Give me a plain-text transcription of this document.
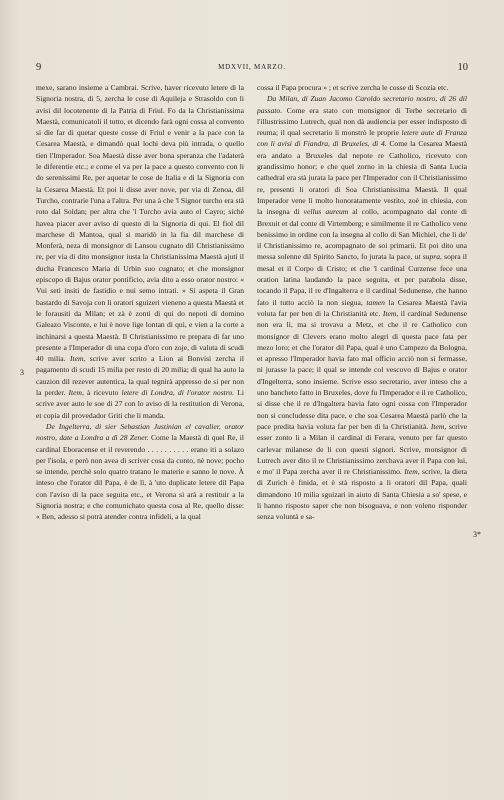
9	MDXVII, MARZO.	10

mexe, sarano insieme a Cambrai. Scrive, haver ricevuto letere di la Signoria nostra, di 5, zercha le cose di Aquileja e Strasoldo con li avisi dil locotenente di la Patria di Friul. Fo da la Christianissima Maestà, comunicatoli il tutto, et dicendo farà ogni cossa al convento si die far di quetar queste cosse di Friul e venir a la pace con la Cesarea Maestà, e dimandò qual lochi deva più intrada, o quello tien l'Imperador. Soa Maestà disse aver bona speranza che l'adaterà le diferentie etc.; e come el va per la pace a questo convento con li do serenissimi Re, per aquetar le cose de Italia e di la Signoria con la Cesarea Maestà. Et poi li disse aver nove, per via di Zenoa, dil Turcho, contrarie l'una a l'altra. Per una à che 'l Signor turcho era stà roto dal Soldan; per altra che 'l Turcho avia auto el Cayro; sichè havea piacer aver aviso di questo di la Signoria di qui. El fiol dil marchese di Mantoa, qual si maridò in la fia dil marchese di Monferà, neza di monsignor di Lansou cugnato dil Christianissimo re, per via di dito monsignor iusta la Christianissima Maestà ajuti il ducha Francesco Maria di Urbin suo cugnato; et che monsignor episcopo di Bajus orator pontificio, avia dito a esso orator nostro: « Vui seti insiti de fastidio e nui semo intrati. » Si aspeta il Gran bastardo di Savoja con li oratori sguizeri vieneno a questa Maestà et le forausiti da Milan; et zà è zonti di qui do nepoti di domino Galeazo Visconte, e lui è nove lige lontan di qui, e vien a la corte a inchinarsi a questa Maestà. Il Christianissimo re prepara di far uno presente a l'Imperador di una copa d'oro con zoje, di valuta di scudi 40 milia. Item, scrive aver scrito a Lion ai Bonvisi zercha il pagamento di scudi 15 milia per resto di 20 milia; di qual ha auto la cauzion dil rezever autentica, la qual tegnirà appresso de si per non la perder. Item, à ricevuto letere di Londra, di l'orator nostro. Li scrive aver auto le soe di 27 con lo aviso di la restitution di Verona, et copia dil provedador Griti che li manda.

De Ingelterra, di sier Sebastian Justinian el cavalier, orator nostro, date a Londra a dì 28 Zener. Come la Maestà di quel Re, il cardinal Eboracense et il reverendo . . . . . . . . . . erano iti a solazo per l'isola, e però non avea di scriver cosa da conto, nè nove; pocho se intende, perchè solo quatro tratano le materie e sanno le nove. À inteso che l'orator dil Papa, è de lì, à 'uto duplicate letere dil Papa con l'aviso di la pace seguita etc., et Verona si arà a restituir a la Signoria nostra; e che comunichato questa cosa al Re, quello disse: « Ben, adesso si potrà atender contra infideli, a la qual

3

cossa il Papa procura » ; et scrive zercha le cosse di Scozia etc.

Da Milan, di Zuan Jacomo Caroldo secretario nostro, di 26 dil passato. Come era stato con monsignor di Terbe secretario di l'illustrissimo Lutrech, qual non dà audiencia per esser indisposto di reuma; il qual secretario li monstrò le proprie letere aute di Franza con li avisi di Fiandra, di Bruxeles, dì 4. Come la Cesarea Maestà era andato a Bruxeles dal nepote re Catholico, ricevuto con grandissimo honor; e che quel zorno in la chiesia di Santa Lucia cathedral era stà jurata la pace per l'Imperador con il Christianissimo re, presenti li oratori di Soa Christianissima Maestà. Il qual Imperador vene lì molto honoratamente vestito, zoè in chiesia, con la insegna di vellus aureum al collo, acompagnato dal conte di Brexuit et dal conte di Virtemberg; e similmente il re Catholico vene benissimo in ordine con la insegna al collo di San Michiel, che li de' il Christianissimo re, acompagnato de soi primarii. Et poi dito una messa solenne dil Spirito Sancto, fo jurata la pace, ut supra, sopra il mesal et il Corpo di Cristo; et che 'l cardinal Curzense fece una oration latina laudando la pace seguita, et per parabola disse, tocando il Papa, il re d'Ingalterra e il cardinal Sedunense, che hanno fato il tutto acciò la non siegua, tamen la Cesarea Maestà l'avia voluta far per ben di la Christianità etc. Item, il cardinal Sedunense non era lì, ma si trovava a Metz, et che il re Catholico con monsignor di Clevers erano molto alegri di questa pace fata per mezo loro; et che l'orator dil Papa, qual è uno Campezo da Bologna, et apresso l'Imperador havia fato mal officio acciò non si fermasse, nì jurasse la pace; il qual se intende col vescovo di Bajus e orator d'Ingelterra, sono insieme. Scrive esso secretario, aver inteso che a uno bancheto fatto in Bruxeles, dove fu l'Imperador e il re Catholico, si disse che il re d'Ingaltera havia fato ogni cossa con l'Imperador non si concludesse dita pace, e che soa Cesarea Maestà parlò che la pace predita havia voluta far per ben di la Christianità. Item, scrive esser zonto li a Milan il cardinal di Ferara, venuto per far questo carlevar milanese de li con questi signori. Scrive, monsignor di Lutrech aver dito il re Christianissimo zerchava aver il Papa con lui, e mo' il Papa zercha aver il re Christianissimo. Item, scrive, la dieta di Zurich è finida, et è stà risposto a li oratori dil Papa, quali dimandono 10 milia sguizari in aiuto di Santa Chiesia a so' spese, e li hanno risposto saper che non bisoguava, e non voleno risponder senza voluntà e sa-

3*
